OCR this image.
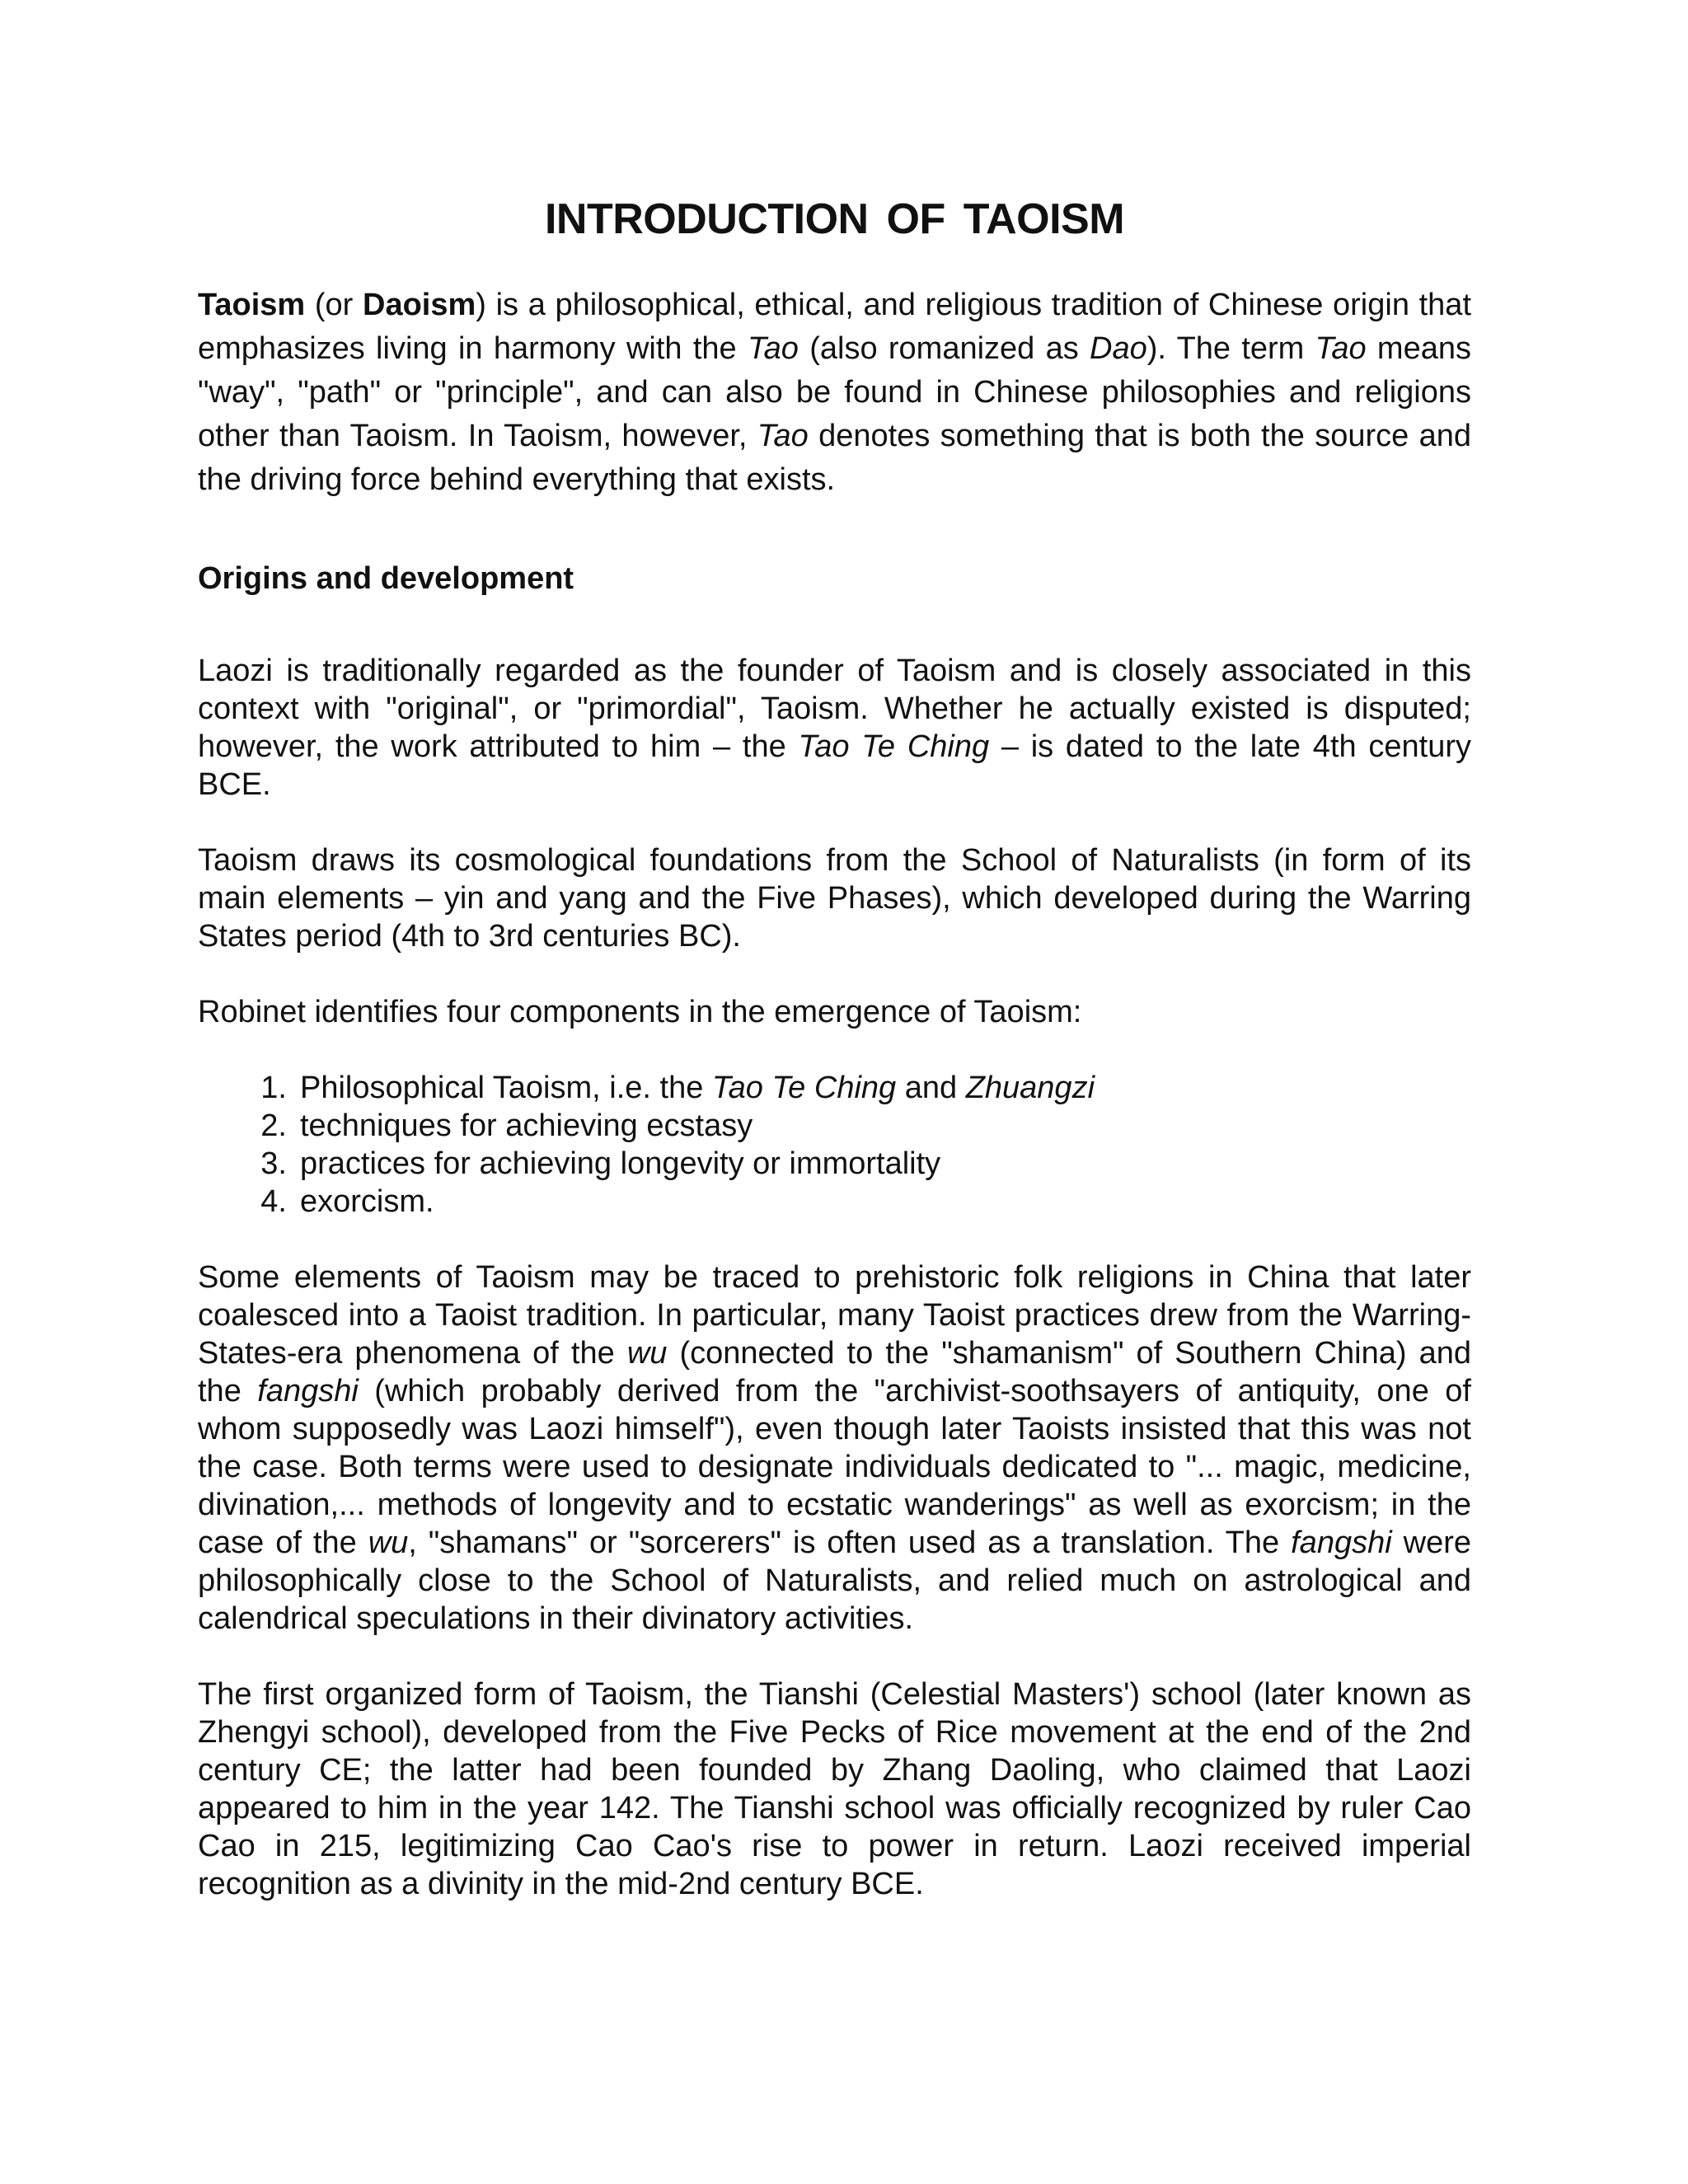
INTRODUCTION OF TAOISM

Taoism (or Daoism) is a philosophical, ethical, and religious tradition of Chinese origin that emphasizes living in harmony with the Tao (also romanized as Dao). The term Tao means "way", "path" or "principle", and can also be found in Chinese philosophies and religions other than Taoism. In Taoism, however, Tao denotes something that is both the source and the driving force behind everything that exists.

Origins and development

Laozi is traditionally regarded as the founder of Taoism and is closely associated in this context with "original", or "primordial", Taoism. Whether he actually existed is disputed; however, the work attributed to him – the Tao Te Ching – is dated to the late 4th century BCE.

Taoism draws its cosmological foundations from the School of Naturalists (in form of its main elements – yin and yang and the Five Phases), which developed during the Warring States period (4th to 3rd centuries BC).

Robinet identifies four components in the emergence of Taoism:

1. Philosophical Taoism, i.e. the Tao Te Ching and Zhuangzi
2. techniques for achieving ecstasy
3. practices for achieving longevity or immortality
4. exorcism.

Some elements of Taoism may be traced to prehistoric folk religions in China that later coalesced into a Taoist tradition. In particular, many Taoist practices drew from the Warring-States-era phenomena of the wu (connected to the "shamanism" of Southern China) and the fangshi (which probably derived from the "archivist-soothsayers of antiquity, one of whom supposedly was Laozi himself"), even though later Taoists insisted that this was not the case. Both terms were used to designate individuals dedicated to "... magic, medicine, divination,... methods of longevity and to ecstatic wanderings" as well as exorcism; in the case of the wu, "shamans" or "sorcerers" is often used as a translation. The fangshi were philosophically close to the School of Naturalists, and relied much on astrological and calendrical speculations in their divinatory activities.

The first organized form of Taoism, the Tianshi (Celestial Masters') school (later known as Zhengyi school), developed from the Five Pecks of Rice movement at the end of the 2nd century CE; the latter had been founded by Zhang Daoling, who claimed that Laozi appeared to him in the year 142. The Tianshi school was officially recognized by ruler Cao Cao in 215, legitimizing Cao Cao's rise to power in return. Laozi received imperial recognition as a divinity in the mid-2nd century BCE.
